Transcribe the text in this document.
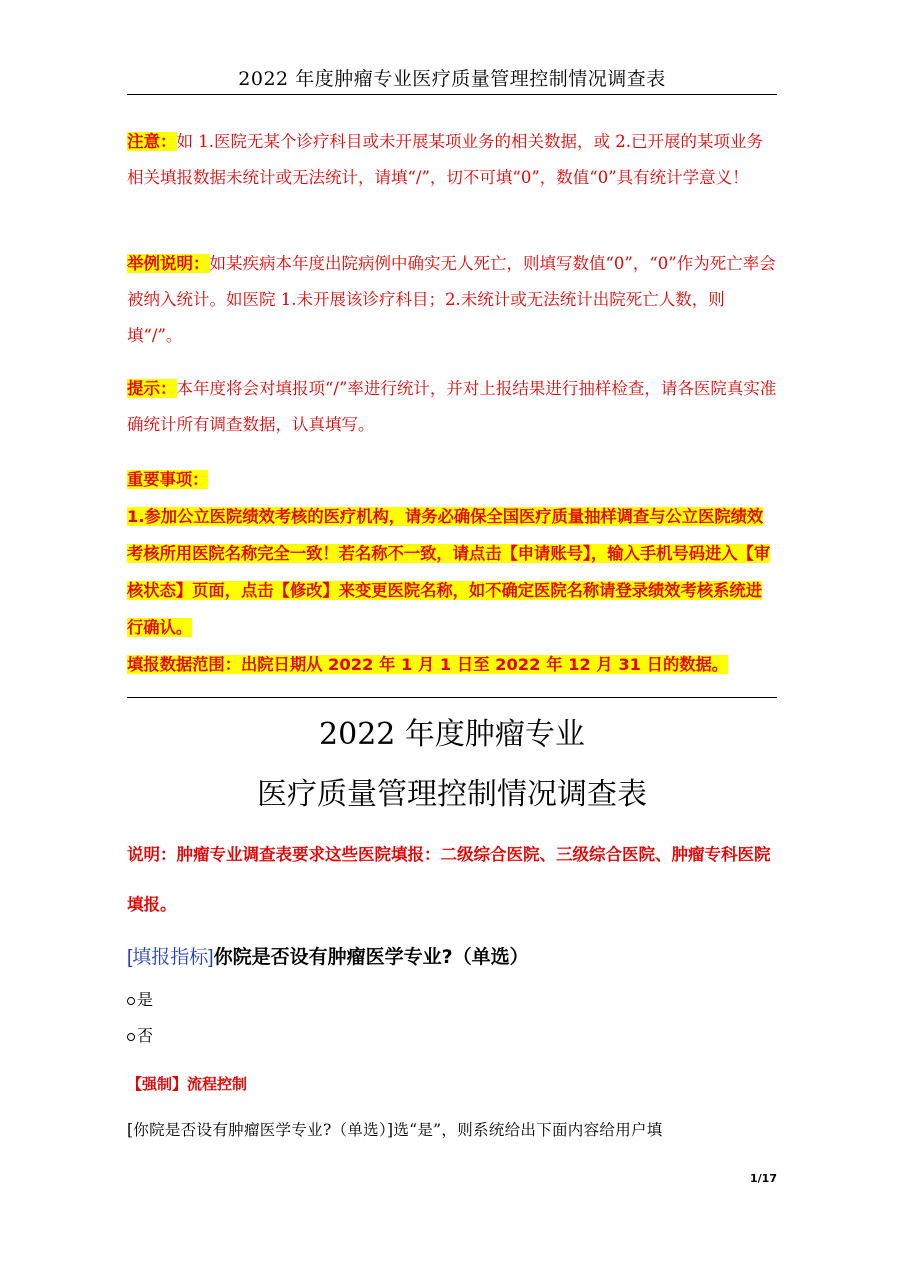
2022 年度肿瘤专业医疗质量管理控制情况调查表
注意：如 1.医院无某个诊疗科目或未开展某项业务的相关数据，或 2.已开展的某项业务相关填报数据未统计或无法统计，请填“/”，切不可填“0”，数值“0”具有统计学意义！
举例说明：如某疾病本年度出院病例中确实无人死亡，则填写数值“0”，“0”作为死亡率会被纳入统计。如医院 1.未开展该诊疗科目；2.未统计或无法统计出院死亡人数，则填“/”。
提示：本年度将会对填报项“/”率进行统计，并对上报结果进行抽样检查，请各医院真实准确统计所有调查数据，认真填写。
重要事项：
1.参加公立医院绩效考核的医疗机构，请务必确保全国医疗质量抽样调查与公立医院绩效考核所用医院名称完全一致！若名称不一致，请点击【申请账号】，输入手机号码进入【审核状态】页面，点击【修改】来变更医院名称，如不确定医院名称请登录绩效考核系统进行确认。
填报数据范围：出院日期从 2022 年 1 月 1 日至 2022 年 12 月 31 日的数据。
2022 年度肿瘤专业
医疗质量管理控制情况调查表
说明：肿瘤专业调查表要求这些医院填报：二级综合医院、三级综合医院、肿瘤专科医院填报。
[填报指标]你院是否设有肿瘤医学专业?（单选）
是
否
【强制】流程控制
[你院是否设有肿瘤医学专业?（单选）]选“是”，则系统给出下面内容给用户填
1/17
